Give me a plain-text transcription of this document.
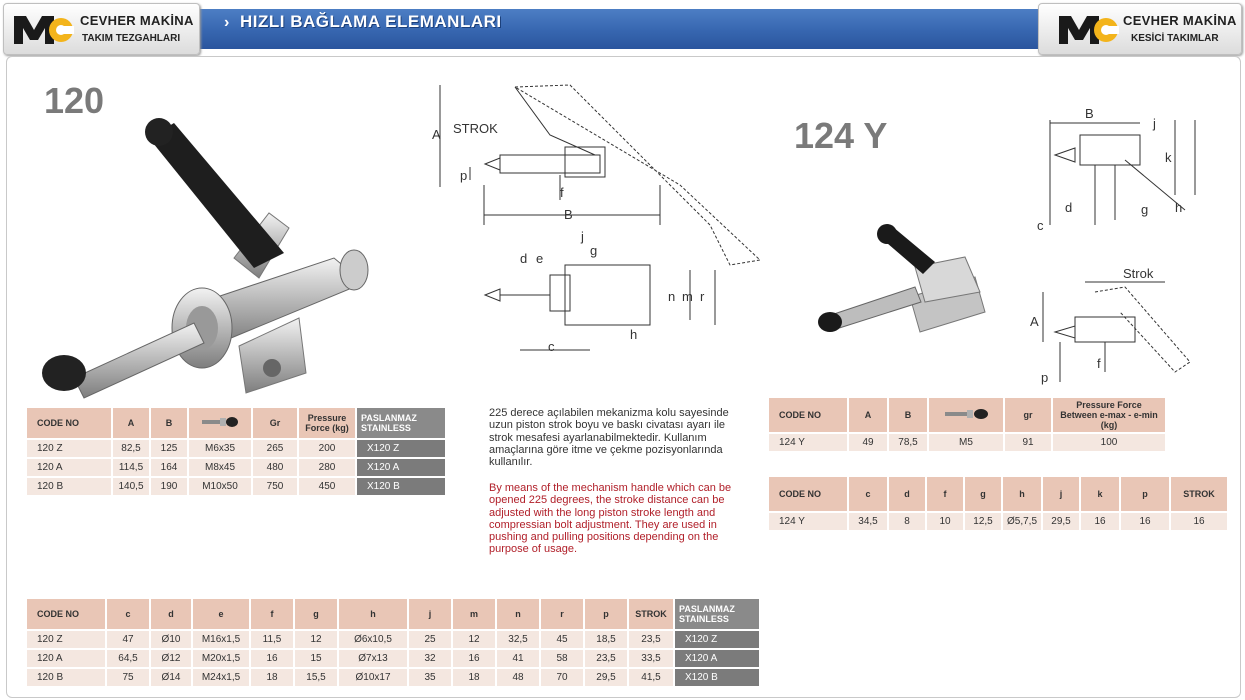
› HIZLI BAĞLAMA ELEMANLARI
CEVHER MAKİNA
TAKIM TEZGAHLARI
CEVHER MAKİNA
KESİCİ TAKIMLAR
120
A STROK
p
f
B
j
g
d e
n m r
c
h
CODE NO	A	B		Gr	Pressure Force (kg)	PASLANMAZ STAINLESS
120 Z	82,5	125	M6x35	265	200	X120 Z
120 A	114,5	164	M8x45	480	280	X120 A
120 B	140,5	190	M10x50	750	450	X120 B
225 derece açılabilen mekanizma kolu sayesinde uzun piston strok boyu ve baskı civatası ayarı ile strok mesafesi ayarlanabilmektedir. Kullanım amaçlarına göre itme ve çekme pozisyonlarında kullanılır.
By means of the mechanism handle which can be opened 225 degrees, the stroke distance can be adjusted with the long piston stroke length and compressian bolt adjustment. They are used in pushing and pulling positions depending on the purpose of usage.
CODE NO	c	d	e	f	g	h	j	m	n	r	p	STROK	PASLANMAZ STAINLESS
120 Z	47	Ø10	M16x1,5	11,5	12	Ø6x10,5	25	12	32,5	45	18,5	23,5	X120 Z
120 A	64,5	Ø12	M20x1,5	16	15	Ø7x13	32	16	41	58	23,5	33,5	X120 A
120 B	75	Ø14	M24x1,5	18	15,5	Ø10x17	35	18	48	70	29,5	41,5	X120 B
124 Y
B
j
k
d	g h
c
Strok
A
f
p
CODE NO	A	B		gr	Pressure Force Between e-max - e-min (kg)
124 Y	49	78,5	M5	91	100
CODE NO	c	d	f	g	h	j	k	p	STROK
124 Y	34,5	8	10	12,5	Ø5,7,5	29,5	16	16	16
